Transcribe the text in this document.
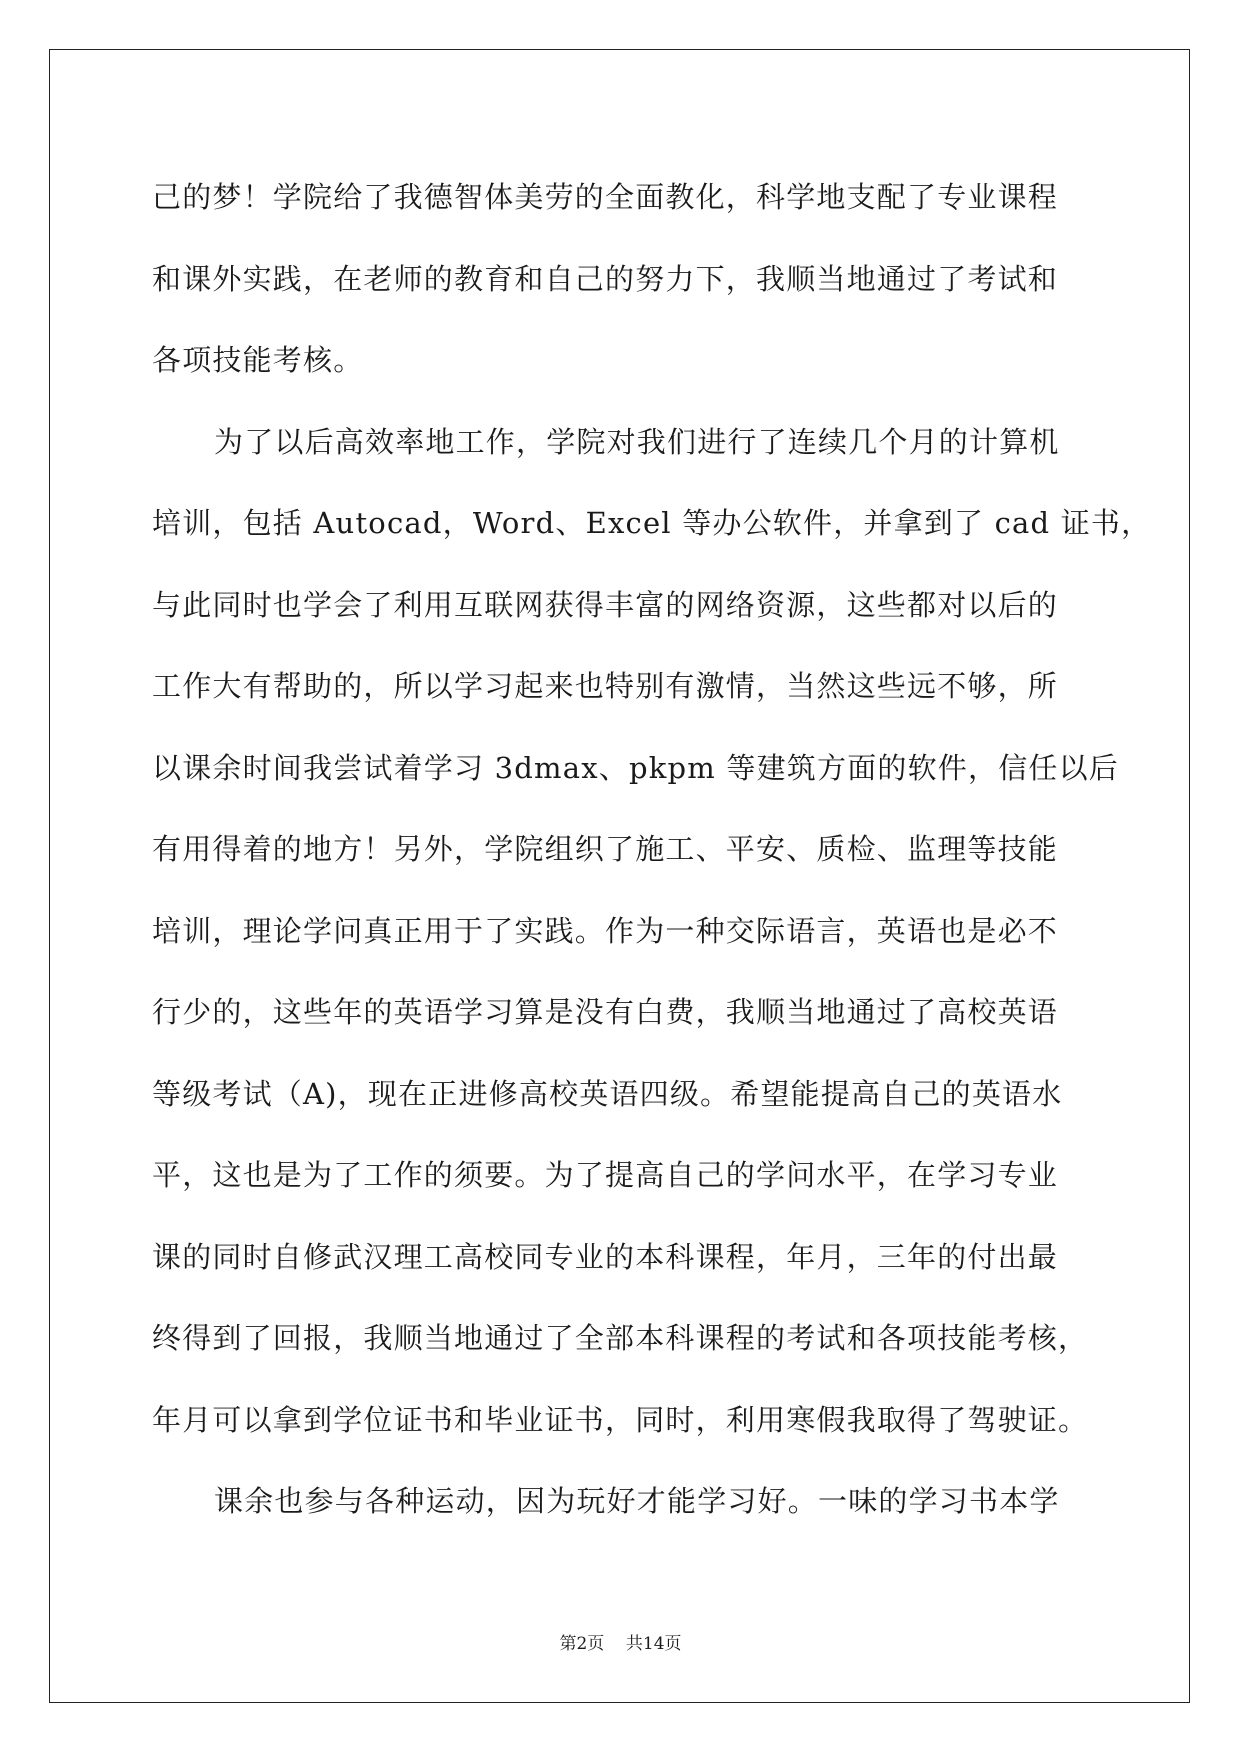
己的梦！学院给了我德智体美劳的全面教化，科学地支配了专业课程
和课外实践，在老师的教育和自己的努力下，我顺当地通过了考试和
各项技能考核。
为了以后高效率地工作，学院对我们进行了连续几个月的计算机
培训，包括 Autocad，Word、Excel 等办公软件，并拿到了 cad 证书，
与此同时也学会了利用互联网获得丰富的网络资源，这些都对以后的
工作大有帮助的，所以学习起来也特别有激情，当然这些远不够，所
以课余时间我尝试着学习 3dmax、pkpm 等建筑方面的软件，信任以后
有用得着的地方！另外，学院组织了施工、平安、质检、监理等技能
培训，理论学问真正用于了实践。作为一种交际语言，英语也是必不
行少的，这些年的英语学习算是没有白费，我顺当地通过了高校英语
等级考试（A)，现在正进修高校英语四级。希望能提高自己的英语水
平，这也是为了工作的须要。为了提高自己的学问水平，在学习专业
课的同时自修武汉理工高校同专业的本科课程，年月，三年的付出最
终得到了回报，我顺当地通过了全部本科课程的考试和各项技能考核，
年月可以拿到学位证书和毕业证书，同时，利用寒假我取得了驾驶证。
课余也参与各种运动，因为玩好才能学习好。一味的学习书本学
第2页 共14页
